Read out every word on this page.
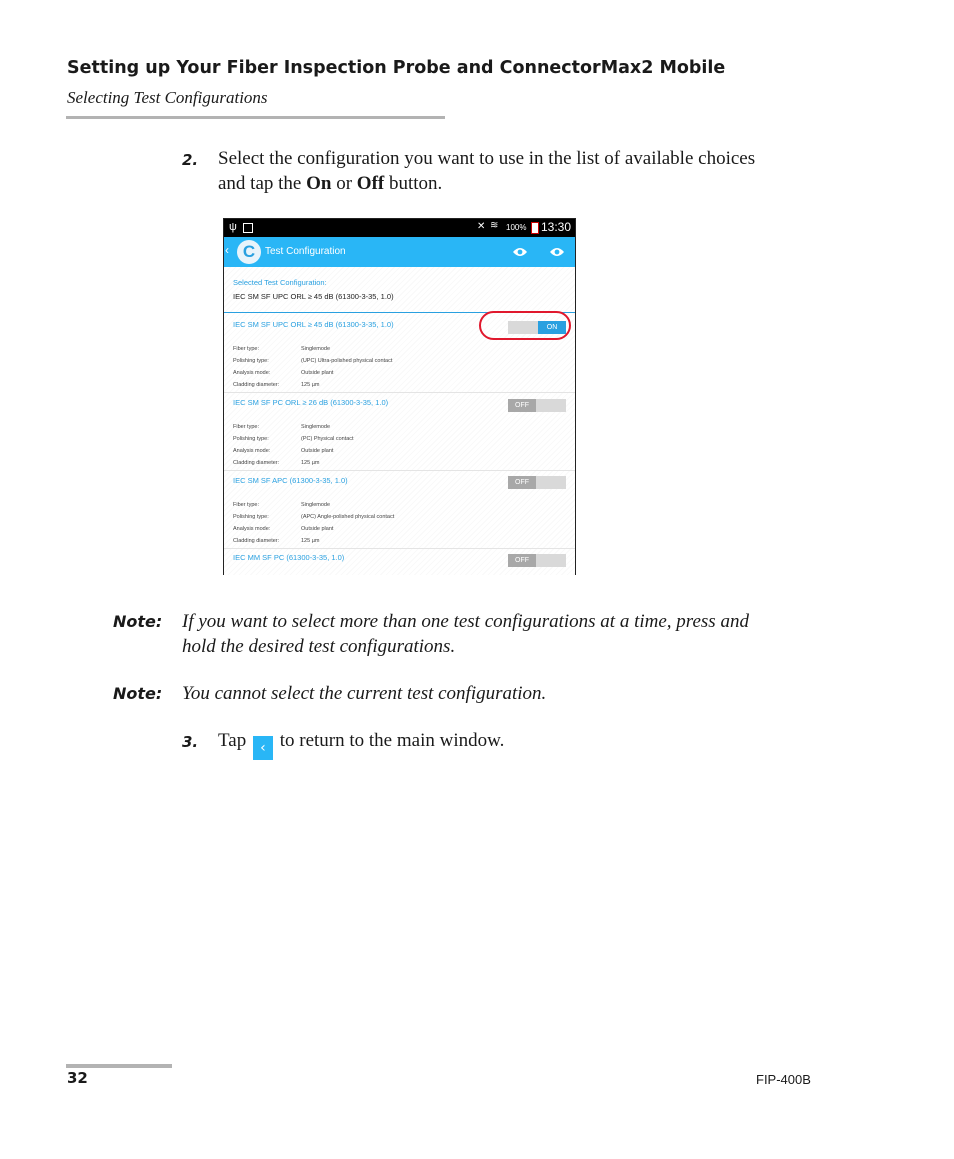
Setting up Your Fiber Inspection Probe and ConnectorMax2 Mobile
Selecting Test Configurations
2. Select the configuration you want to use in the list of available choices
and tap the On or Off button.
ψ	✕ ≋ 100% 13:30
‹ C Test Configuration
Selected Test Configuration:
IEC SM SF UPC ORL ≥ 45 dB (61300-3-35, 1.0)
IEC SM SF UPC ORL ≥ 45 dB (61300-3-35, 1.0)	ON
Fiber type:	Singlemode
Polishing type:	(UPC) Ultra-polished physical contact
Analysis mode:	Outside plant
Cladding diameter:	125 µm
IEC SM SF PC ORL ≥ 26 dB (61300-3-35, 1.0)	OFF
Fiber type:	Singlemode
Polishing type:	(PC) Physical contact
Analysis mode:	Outside plant
Cladding diameter:	125 µm
IEC SM SF APC (61300-3-35, 1.0)	OFF
Fiber type:	Singlemode
Polishing type:	(APC) Angle-polished physical contact
Analysis mode:	Outside plant
Cladding diameter:	125 µm
IEC MM SF PC (61300-3-35, 1.0)	OFF
Note: If you want to select more than one test configurations at a time, press and
hold the desired test configurations.
Note: You cannot select the current test configuration.
3. Tap ‹ to return to the main window.
32	FIP-400B
